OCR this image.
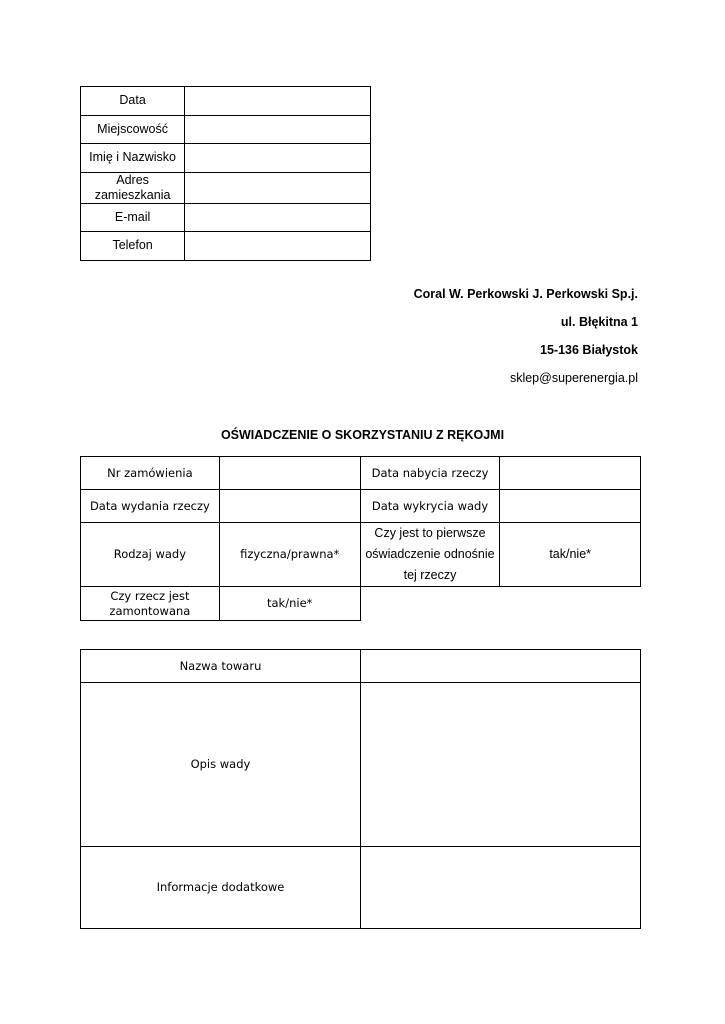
Data	
Miejscowość	
Imię i Nazwisko	
Adres zamieszkania	
E-mail	
Telefon	
Coral W. Perkowski J. Perkowski Sp.j.
ul. Błękitna 1
15-136 Białystok
sklep@superenergia.pl
OŚWIADCZENIE O SKORZYSTANIU Z RĘKOJMI
Nr zamówienia		Data nabycia rzeczy	
Data wydania rzeczy		Data wykrycia wady	
Rodzaj wady	fizyczna/prawna*	Czy jest to pierwsze oświadczenie odnośnie tej rzeczy	tak/nie*
Czy rzecz jest zamontowana	tak/nie*		
Nazwa towaru	
Opis wady	
Informacje dodatkowe	
